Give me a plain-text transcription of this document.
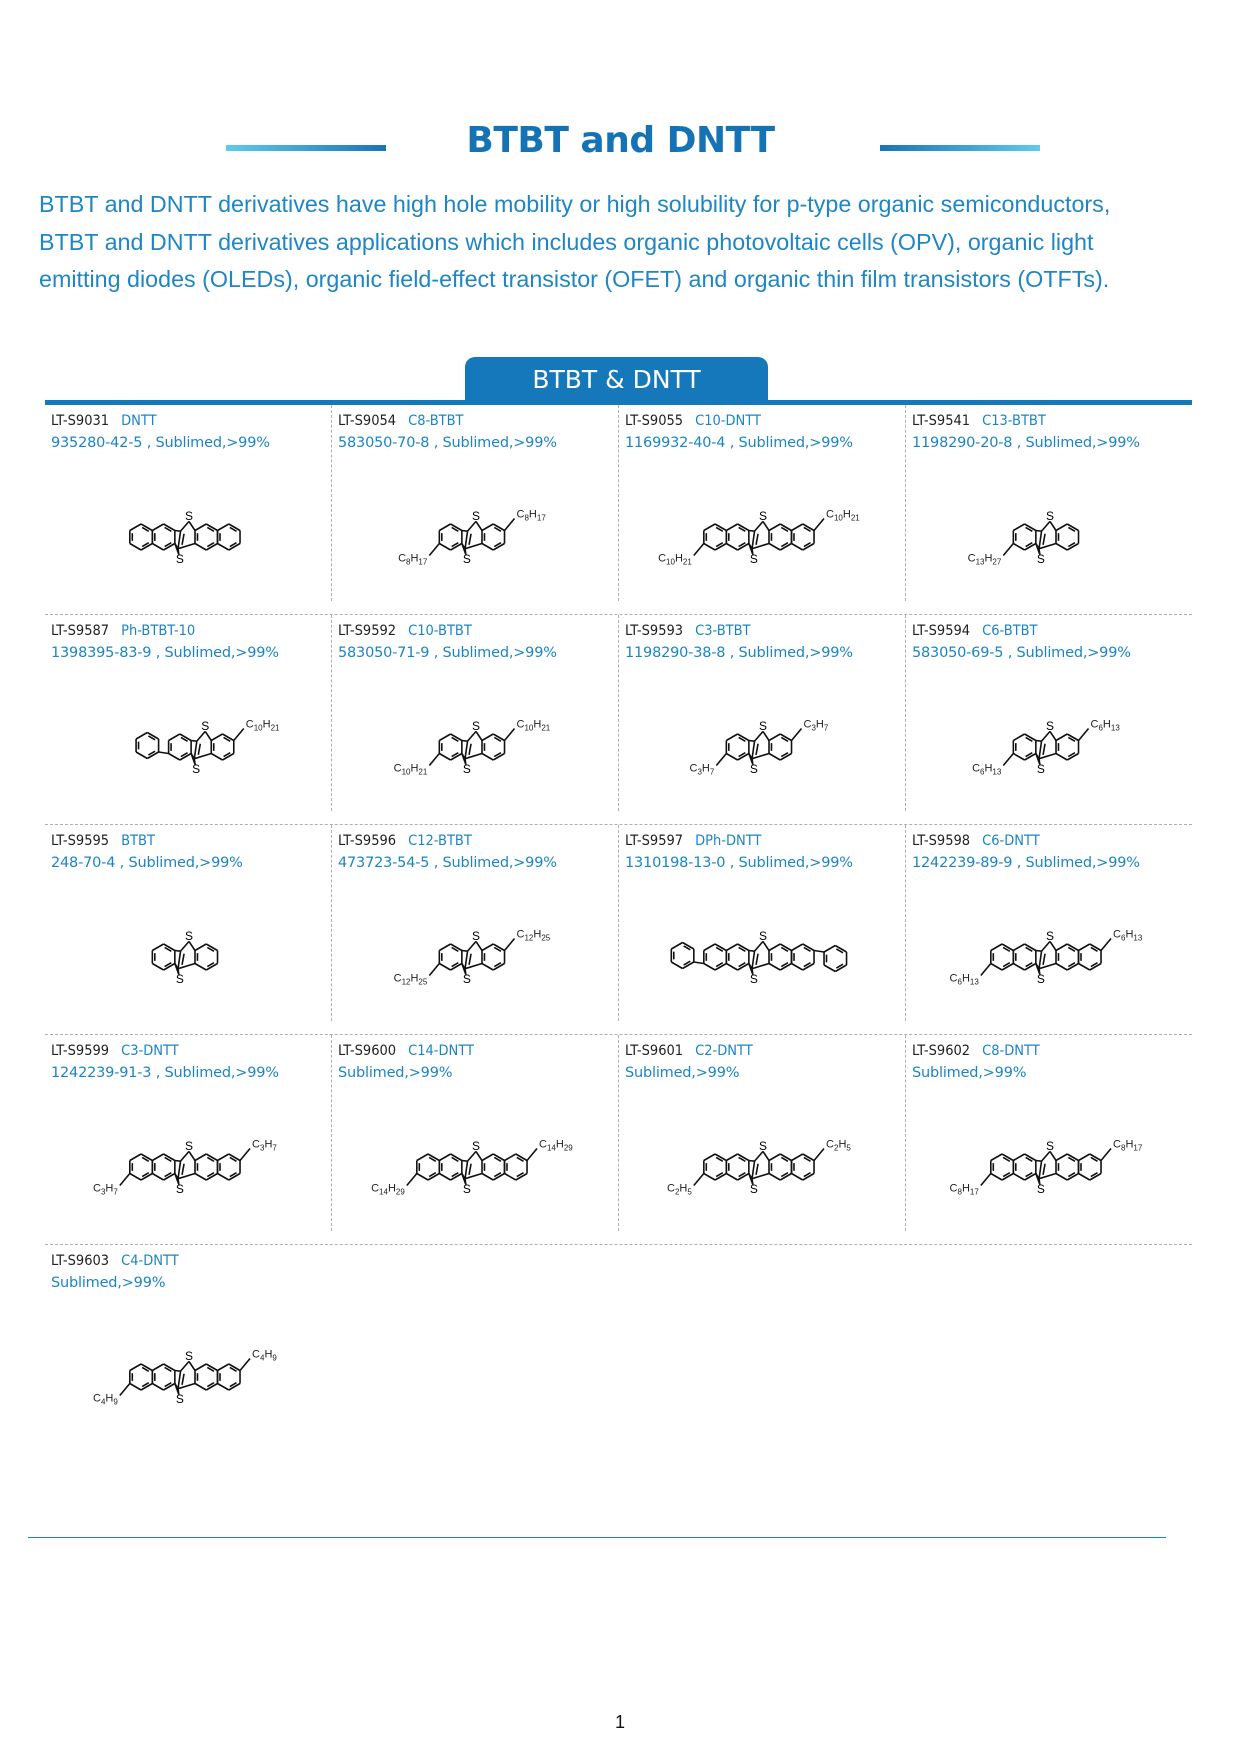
BTBT and DNTT

BTBT and DNTT derivatives have high hole mobility or high solubility for p-type organic semiconductors,
BTBT and DNTT derivatives applications which includes organic photovoltaic cells (OPV), organic light
emitting diodes (OLEDs), organic field-effect transistor (OFET) and organic thin film transistors (OTFTs).

BTBT & DNTT
LT-S9031 DNTT
935280-42-5 , Sublimed,>99%
S
S
LT-S9054 C8-BTBT
583050-70-8 , Sublimed,>99%
S
S
$C_8H_{17}$
$C_8H_{17}$
LT-S9055 C10-DNTT
1169932-40-4 , Sublimed,>99%
S
S
$C_{10}H_{21}$
$C_{10}H_{21}$
LT-S9541 C13-BTBT
1198290-20-8 , Sublimed,>99%
S
S
$C_{13}H_{27}$
LT-S9587 Ph-BTBT-10
1398395-83-9 , Sublimed,>99%
S
S
$C_{10}H_{21}$
LT-S9592 C10-BTBT
583050-71-9 , Sublimed,>99%
S
S
$C_{10}H_{21}$
$C_{10}H_{21}$
LT-S9593 C3-BTBT
1198290-38-8 , Sublimed,>99%
S
S
$C_3H_7$
$C_3H_7$
LT-S9594 C6-BTBT
583050-69-5 , Sublimed,>99%
S
S
$C_6H_{13}$
$C_6H_{13}$
LT-S9595 BTBT
248-70-4 , Sublimed,>99%
S
S
LT-S9596 C12-BTBT
473723-54-5 , Sublimed,>99%
S
S
$C_{12}H_{25}$
$C_{12}H_{25}$
LT-S9597 DPh-DNTT
1310198-13-0 , Sublimed,>99%
S
S
LT-S9598 C6-DNTT
1242239-89-9 , Sublimed,>99%
S
S
$C_6H_{13}$
$C_6H_{13}$
LT-S9599 C3-DNTT
1242239-91-3 , Sublimed,>99%
S
S
$C_3H_7$
$C_3H_7$
LT-S9600 C14-DNTT
Sublimed,>99%
S
S
$C_{14}H_{29}$
$C_{14}H_{29}$
LT-S9601 C2-DNTT
Sublimed,>99%
S
S
$C_2H_5$
$C_2H_5$
LT-S9602 C8-DNTT
Sublimed,>99%
S
S
$C_8H_{17}$
$C_8H_{17}$
LT-S9603 C4-DNTT
Sublimed,>99%
S
S
$C_4H_9$
$C_4H_9$
1
